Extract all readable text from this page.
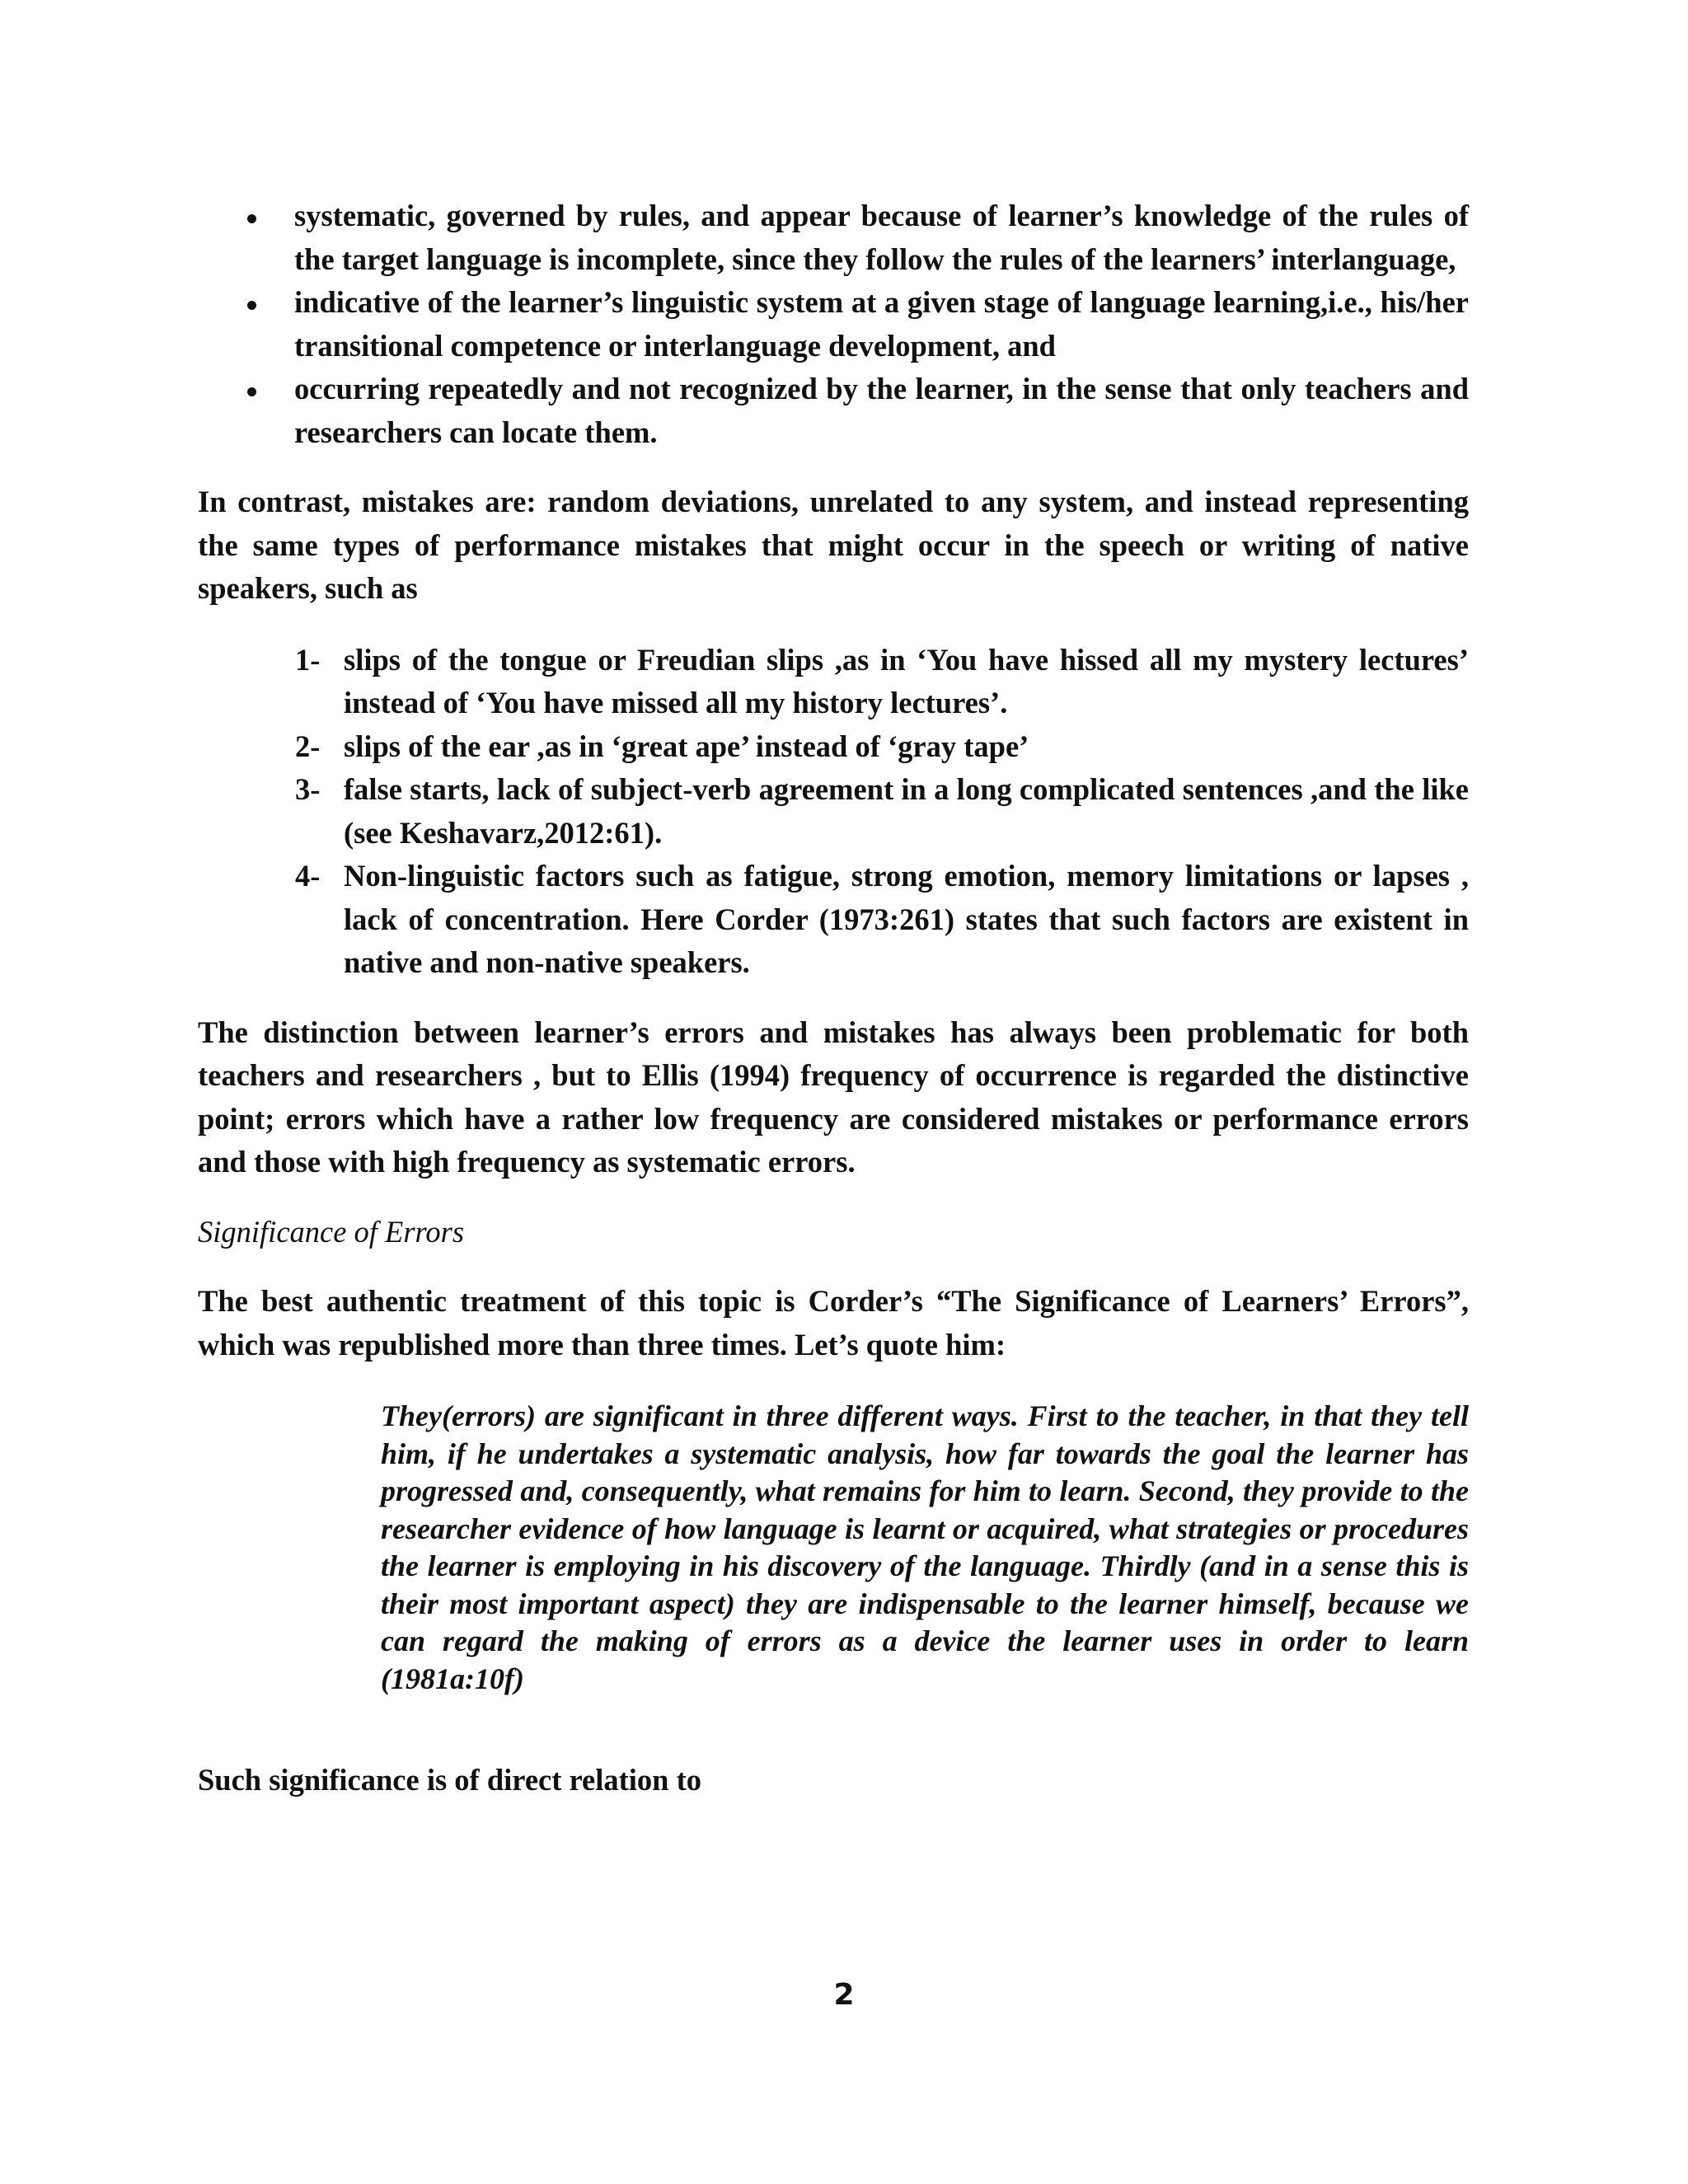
systematic, governed by rules, and appear because of learner’s knowledge of the rules of the target language is incomplete, since they follow the rules of the learners’ interlanguage,
indicative of the learner’s linguistic system at a given stage of language learning,i.e., his/her transitional competence or interlanguage development, and
occurring repeatedly and not recognized by the learner, in the sense that only teachers and researchers can locate them.

In contrast, mistakes are: random deviations, unrelated to any system, and instead representing the same types of performance mistakes that might occur in the speech or writing of native speakers, such as

1- slips of the tongue or Freudian slips ,as in ‘You have hissed all my mystery lectures’ instead of ‘You have missed all my history lectures’.
2- slips of the ear ,as in ‘great ape’ instead of ‘gray tape’
3- false starts, lack of subject-verb agreement in a long complicated sentences ,and the like (see Keshavarz,2012:61).
4- Non-linguistic factors such as fatigue, strong emotion, memory limitations or lapses , lack of concentration. Here Corder (1973:261) states that such factors are existent in native and non-native speakers.

The distinction between learner’s errors and mistakes has always been problematic for both teachers and researchers , but to Ellis (1994) frequency of occurrence is regarded the distinctive point; errors which have a rather low frequency are considered mistakes or performance errors and those with high frequency as systematic errors.

Significance of Errors

The best authentic treatment of this topic is Corder’s “The Significance of Learners’ Errors”, which was republished more than three times. Let’s quote him:

They(errors) are significant in three different ways. First to the teacher, in that they tell him, if he undertakes a systematic analysis, how far towards the goal the learner has progressed and, consequently, what remains for him to learn. Second, they provide to the researcher evidence of how language is learnt or acquired, what strategies or procedures the learner is employing in his discovery of the language. Thirdly (and in a sense this is their most important aspect) they are indispensable to the learner himself, because we can regard the making of errors as a device the learner uses in order to learn (1981a:10f)

Such significance is of direct relation to

2
